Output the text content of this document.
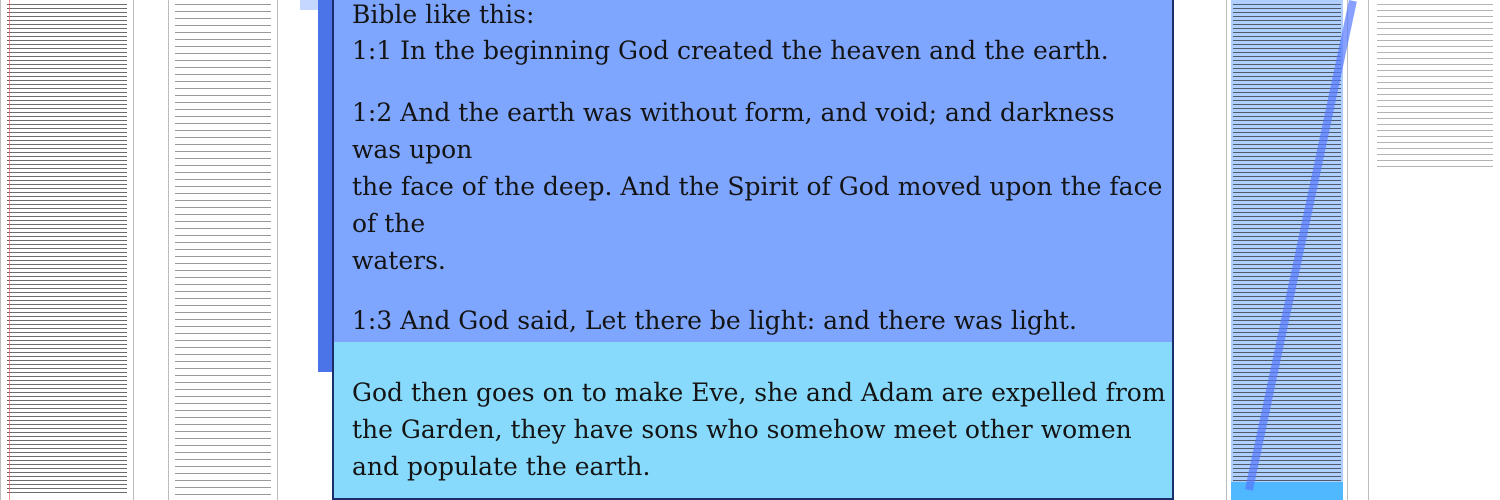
Bible like this:
1:1 In the beginning God created the heaven and the earth.
1:2 And the earth was without form, and void; and darkness
was upon
the face of the deep. And the Spirit of God moved upon the face
of the
waters.
1:3 And God said, Let there be light: and there was light.
God then goes on to make Eve, she and Adam are expelled from
the Garden, they have sons who somehow meet other women
and populate the earth.
